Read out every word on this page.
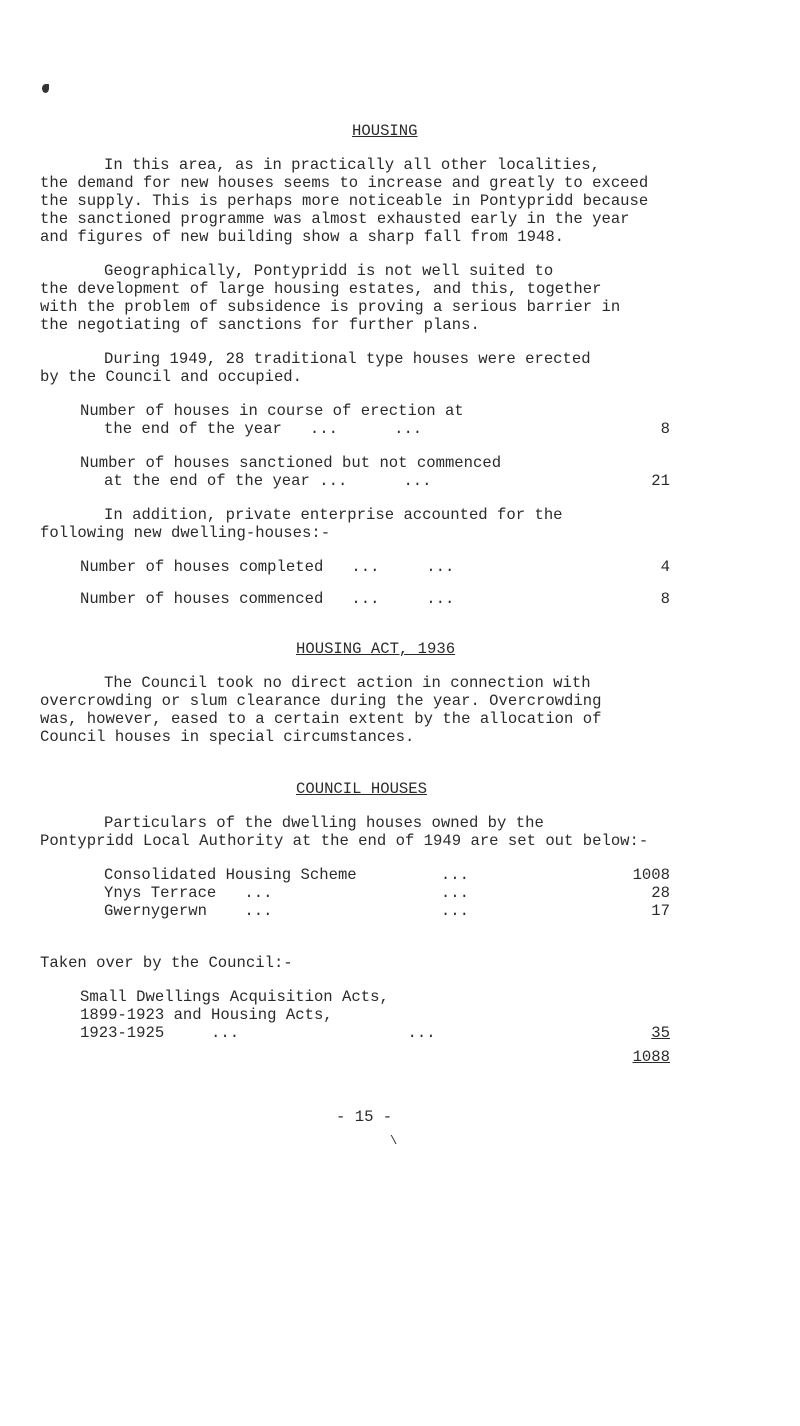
HOUSING
In this area, as in practically all other localities,
the demand for new houses seems to increase and greatly to exceed
the supply. This is perhaps more noticeable in Pontypridd because
the sanctioned programme was almost exhausted early in the year
and figures of new building show a sharp fall from 1948.
Geographically, Pontypridd is not well suited to
the development of large housing estates, and this, together
with the problem of subsidence is proving a serious barrier in
the negotiating of sanctions for further plans.
During 1949, 28 traditional type houses were erected
by the Council and occupied.
Number of houses in course of erection at
the end of the year   ...      ...	8
Number of houses sanctioned but not commenced
at the end of the year ...      ...	21
In addition, private enterprise accounted for the
following new dwelling-houses:-
Number of houses completed   ...     ...	4
Number of houses commenced   ...     ...	8
HOUSING ACT, 1936
The Council took no direct action in connection with
overcrowding or slum clearance during the year. Overcrowding
was, however, eased to a certain extent by the allocation of
Council houses in special circumstances.
COUNCIL HOUSES
Particulars of the dwelling houses owned by the
Pontypridd Local Authority at the end of 1949 are set out below:-
Consolidated Housing Scheme         ...	1008
Ynys Terrace   ...                  ...	28
Gwernygerwn    ...                  ...	17
Taken over by the Council:-
Small Dwellings Acquisition Acts,
1899-1923 and Housing Acts,
1923-1925     ...                  ...	35
1088
- 15 -
\
